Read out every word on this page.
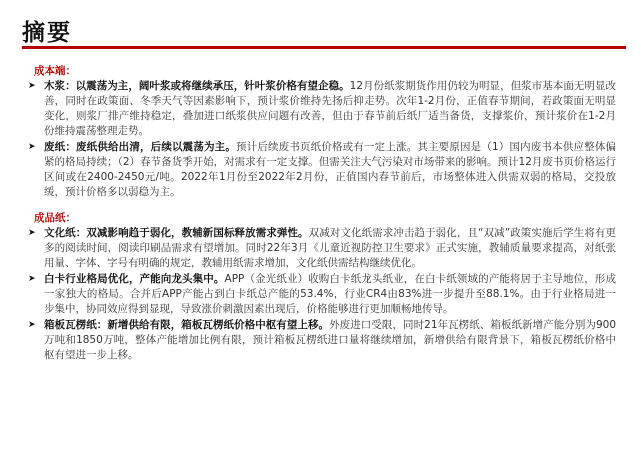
摘要
成本端：
➤ 木浆：以震荡为主，阔叶浆或将继续承压，针叶浆价格有望企稳。12月份纸浆期货作用仍较为明显，但浆市基本面无明显改善，同时在政策面、冬季天气等因素影响下，预计浆价维持先扬后抑走势。次年1-2月份，正值春节期间，若政策面无明显变化，则浆厂排产维持稳定，叠加进口纸浆供应问题有改善，但由于春节前后纸厂适当备货，支撑浆价，预计浆价在1-2月份维持震荡整理走势。
➤ 废纸：废纸供给出清，后续以震荡为主。预计后续废书页纸价格或有一定上涨。其主要原因是（1）国内废书本供应整体偏紧的格局持续；（2）春节备货季开始，对需求有一定支撑。但需关注大气污染对市场带来的影响。预计12月废书页价格运行区间或在2400-2450元/吨。2022年1月份至2022年2月份，正值国内春节前后，市场整体进入供需双弱的格局，交投放缓，预计价格多以弱稳为主。
成品纸：
➤ 文化纸：双减影响趋于弱化，教辅新国标释放需求弹性。双减对文化纸需求冲击趋于弱化，且“双减”政策实施后学生将有更多的阅读时间，阅读印刷品需求有望增加。同时22年3月《儿童近视防控卫生要求》正式实施，教辅质量要求提高，对纸张用量、字体、字号有明确的规定，教辅用纸需求增加，文化纸供需结构继续优化。
➤ 白卡行业格局优化，产能向龙头集中。APP（金光纸业）收购白卡纸龙头纸业，在白卡纸领域的产能将居于主导地位，形成一家独大的格局。合并后APP产能占到白卡纸总产能的53.4%，行业CR4由83%进一步提升至88.1%。由于行业格局进一步集中，协同效应得到显现，导致涨价刺激因素出现后，价格能够进行更加顺畅地传导。
➤ 箱板瓦楞纸：新增供给有限，箱板瓦楞纸价格中枢有望上移。外废进口受限，同时21年瓦楞纸、箱板纸新增产能分别为900万吨和1850万吨，整体产能增加比例有限，预计箱板瓦楞纸进口量将继续增加，新增供给有限背景下，箱板瓦楞纸价格中枢有望进一步上移。
